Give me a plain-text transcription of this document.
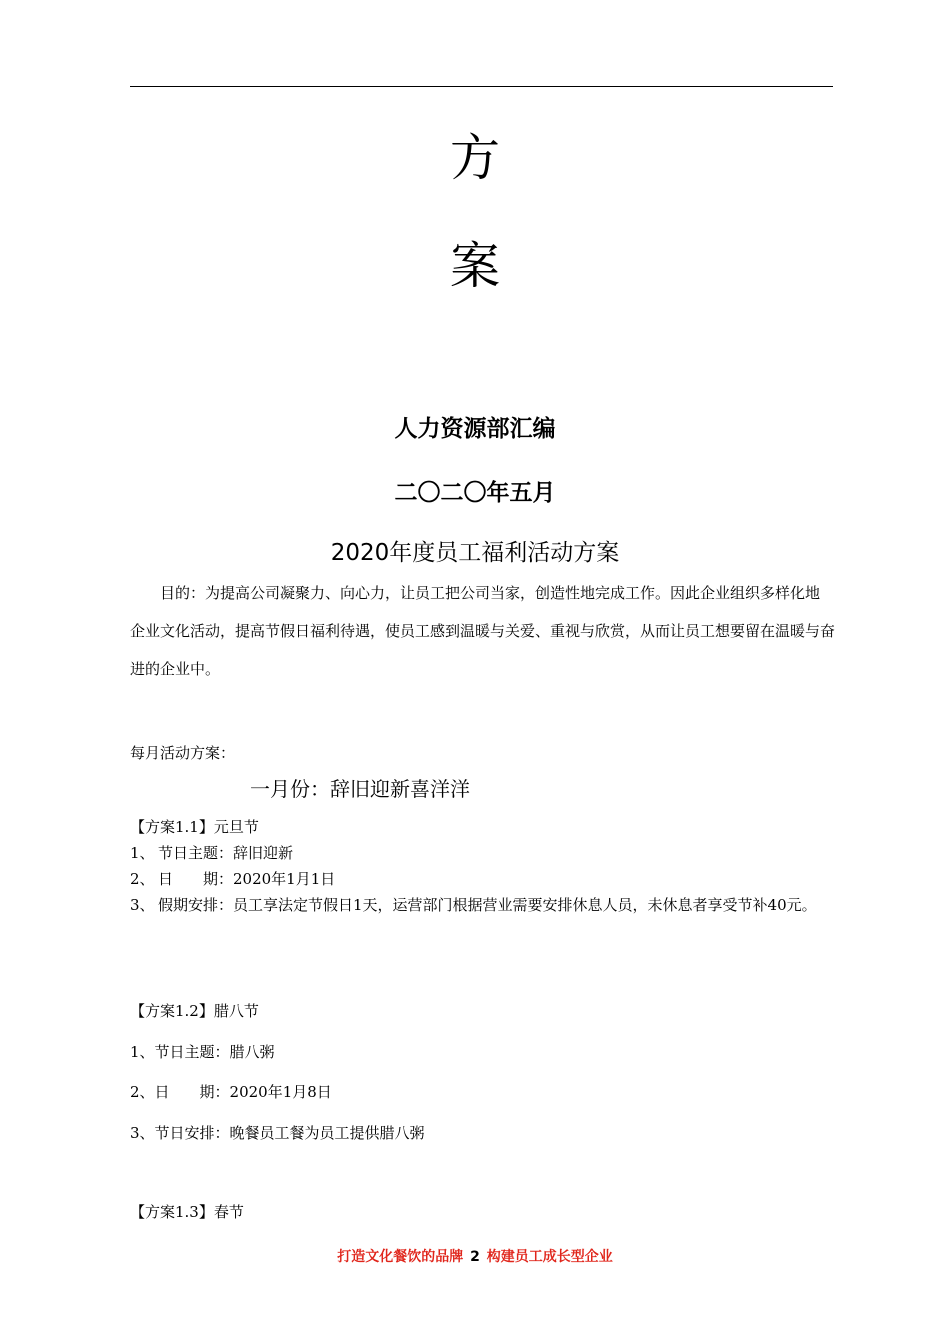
方
案
人力资源部汇编
二〇二〇年五月
2020年度员工福利活动方案
目的：为提高公司凝聚力、向心力，让员工把公司当家，创造性地完成工作。因此企业组织多样化地企业文化活动，提高节假日福利待遇，使员工感到温暖与关爱、重视与欣赏，从而让员工想要留在温暖与奋进的企业中。
每月活动方案：
一月份：辞旧迎新喜洋洋
【方案1.1】元旦节
1、 节日主题：辞旧迎新
2、 日　　期：2020年1月1日
3、 假期安排：员工享法定节假日1天，运营部门根据营业需要安排休息人员，未休息者享受节补40元。
【方案1.2】腊八节
1、节日主题：腊八粥
2、日　　期：2020年1月8日
3、节日安排：晚餐员工餐为员工提供腊八粥
【方案1.3】春节
打造文化餐饮的品牌 2 构建员工成长型企业
